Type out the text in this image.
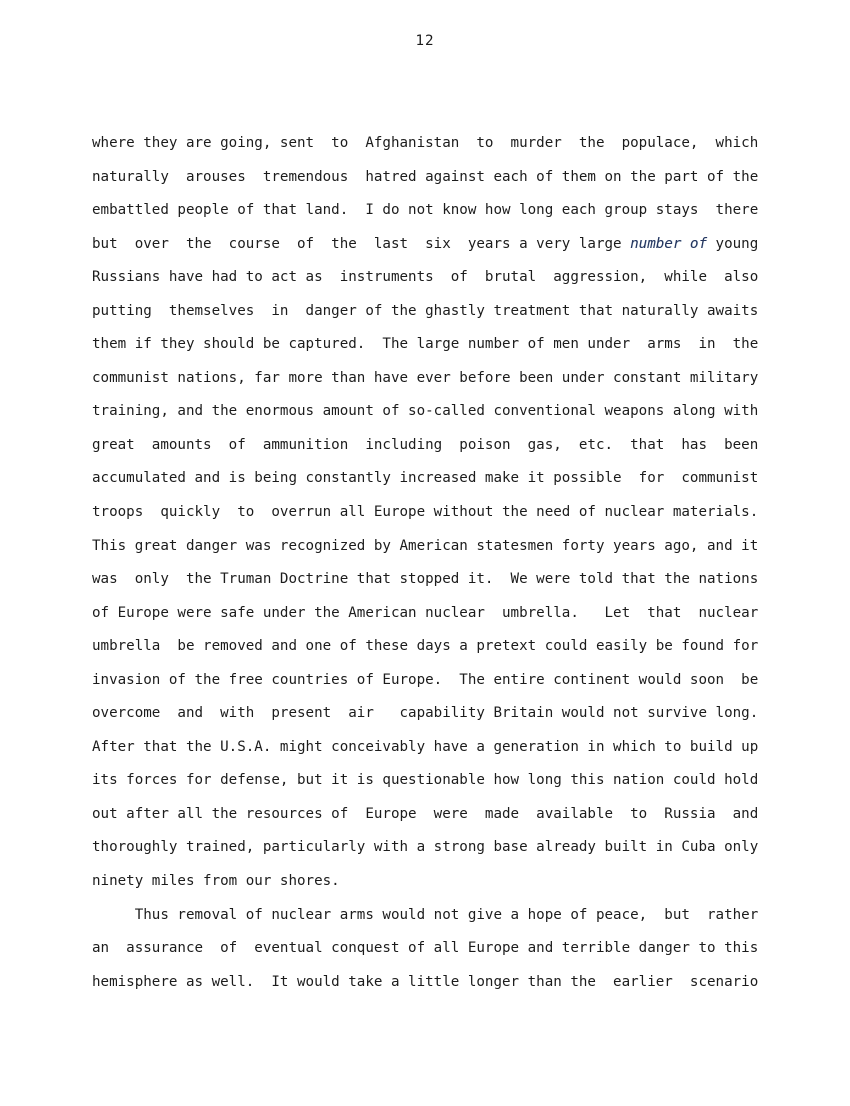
12
where they are going, sent  to  Afghanistan  to  murder  the  populace,  which
naturally  arouses  tremendous  hatred against each of them on the part of the
embattled people of that land.  I do not know how long each group stays  there
but  over  the  course  of  the  last  six  years a very large number of young
Russians have had to act as  instruments  of  brutal  aggression,  while  also
putting  themselves  in  danger of the ghastly treatment that naturally awaits
them if they should be captured.  The large number of men under  arms  in  the
communist nations, far more than have ever before been under constant military
training, and the enormous amount of so-called conventional weapons along with
great  amounts  of  ammunition  including  poison  gas,  etc.  that  has  been
accumulated and is being constantly increased make it possible  for  communist
troops  quickly  to  overrun all Europe without the need of nuclear materials.
This great danger was recognized by American statesmen forty years ago, and it
was  only  the Truman Doctrine that stopped it.  We were told that the nations
of Europe were safe under the American nuclear  umbrella.   Let  that  nuclear
umbrella  be removed and one of these days a pretext could easily be found for
invasion of the free countries of Europe.  The entire continent would soon  be
overcome  and  with  present  air   capability Britain would not survive long.
After that the U.S.A. might conceivably have a generation in which to build up
its forces for defense, but it is questionable how long this nation could hold
out after all the resources of  Europe  were  made  available  to  Russia  and
thoroughly trained, particularly with a strong base already built in Cuba only
ninety miles from our shores.
Thus removal of nuclear arms would not give a hope of peace,  but  rather
an  assurance  of  eventual conquest of all Europe and terrible danger to this
hemisphere as well.  It would take a little longer than the  earlier  scenario
